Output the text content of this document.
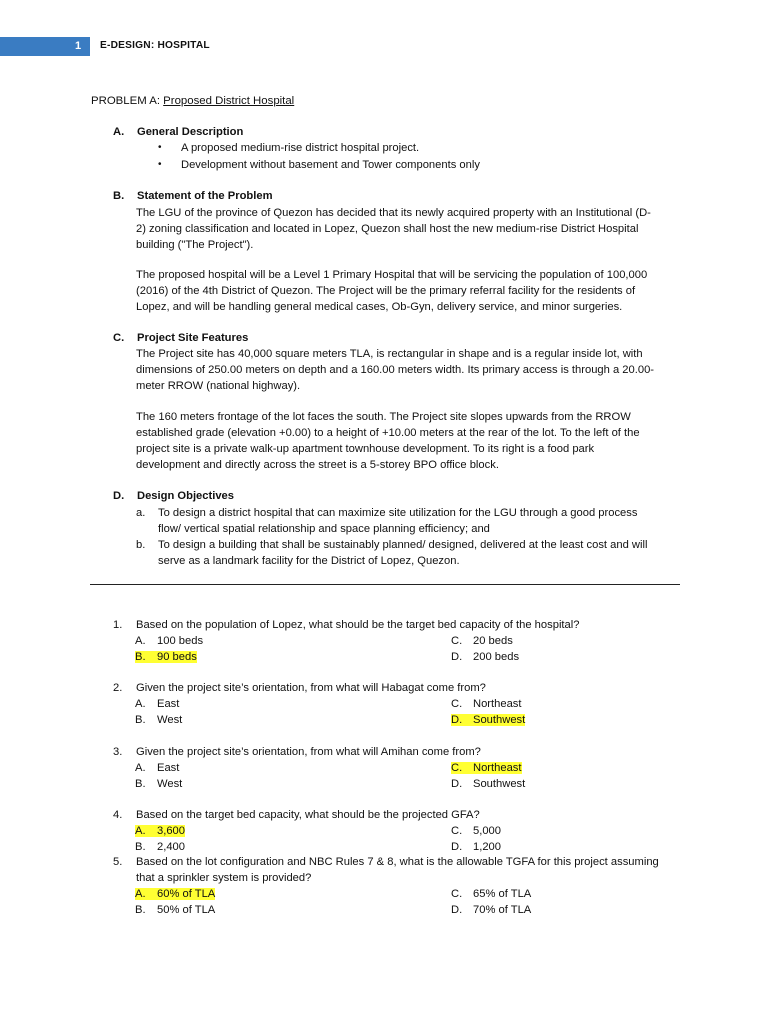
1 E-DESIGN: HOSPITAL
PROBLEM A: Proposed District Hospital
A. General Description
• A proposed medium-rise district hospital project.
• Development without basement and Tower components only
B. Statement of the Problem
The LGU of the province of Quezon has decided that its newly acquired property with an Institutional (D-
2) zoning classification and located in Lopez, Quezon shall host the new medium-rise District Hospital
building ("The Project").
The proposed hospital will be a Level 1 Primary Hospital that will be servicing the population of 100,000
(2016) of the 4th District of Quezon. The Project will be the primary referral facility for the residents of
Lopez, and will be handling general medical cases, Ob-Gyn, delivery service, and minor surgeries.
C. Project Site Features
The Project site has 40,000 square meters TLA, is rectangular in shape and is a regular inside lot, with
dimensions of 250.00 meters on depth and a 160.00 meters width. Its primary access is through a 20.00-
meter RROW (national highway).
The 160 meters frontage of the lot faces the south. The Project site slopes upwards from the RROW
established grade (elevation +0.00) to a height of +10.00 meters at the rear of the lot. To the left of the
project site is a private walk-up apartment townhouse development. To its right is a food park
development and directly across the street is a 5-storey BPO office block.
D. Design Objectives
a. To design a district hospital that can maximize site utilization for the LGU through a good process
flow/ vertical spatial relationship and space planning efficiency; and
b. To design a building that shall be sustainably planned/ designed, delivered at the least cost and will
serve as a landmark facility for the District of Lopez, Quezon.
1. Based on the population of Lopez, what should be the target bed capacity of the hospital?
A. 100 beds
B. 90 beds
C. 20 beds
D. 200 beds
2. Given the project site’s orientation, from what will Habagat come from?
A. East
B. West
C. Northeast
D. Southwest
3. Given the project site’s orientation, from what will Amihan come from?
A. East
B. West
C. Northeast
D. Southwest
4. Based on the target bed capacity, what should be the projected GFA?
A. 3,600
B. 2,400
C. 5,000
D. 1,200
5. Based on the lot configuration and NBC Rules 7 & 8, what is the allowable TGFA for this project assuming
that a sprinkler system is provided?
A. 60% of TLA
B. 50% of TLA
C. 65% of TLA
D. 70% of TLA
